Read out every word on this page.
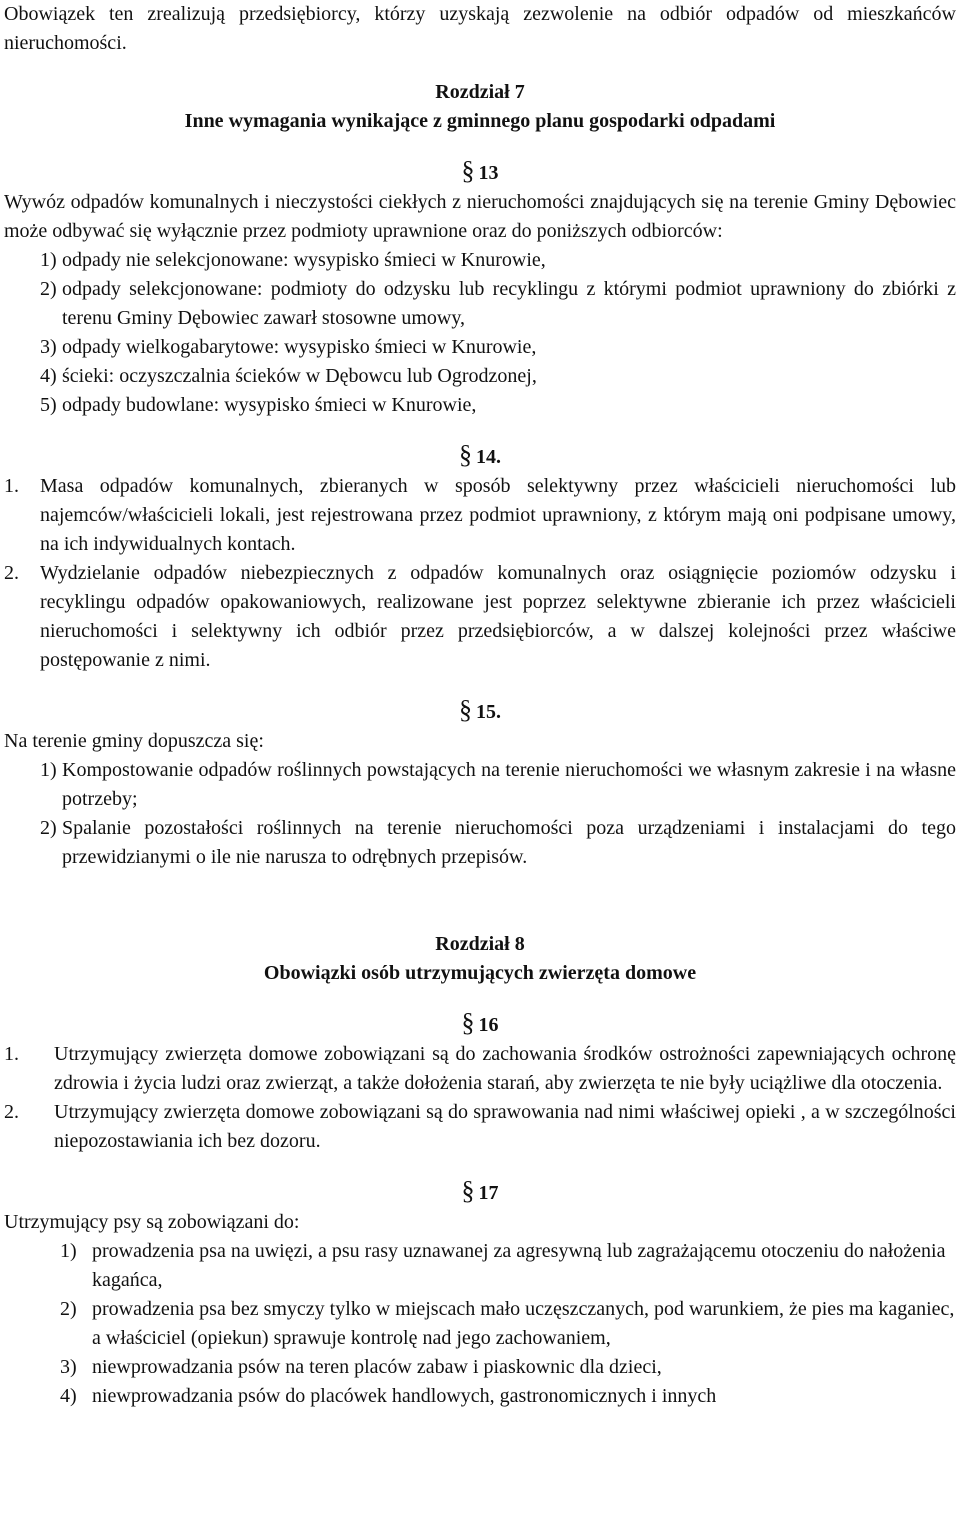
Obowiązek ten zrealizują przedsiębiorcy, którzy uzyskają zezwolenie na odbiór odpadów od mieszkańców nieruchomości.

Rozdział 7
Inne wymagania wynikające z gminnego planu gospodarki odpadami
§ 13

Wywóz odpadów komunalnych i nieczystości ciekłych z nieruchomości znajdujących się na terenie Gminy Dębowiec może odbywać się wyłącznie przez podmioty uprawnione oraz do poniższych odbiorców:

1) odpady nie selekcjonowane: wysypisko śmieci w Knurowie,
2) odpady selekcjonowane: podmioty do odzysku lub recyklingu z którymi podmiot uprawniony do zbiórki z terenu Gminy Dębowiec zawarł stosowne umowy,
3) odpady wielkogabarytowe: wysypisko śmieci w Knurowie,
4) ścieki: oczyszczalnia ścieków w Dębowcu lub Ogrodzonej,
5) odpady budowlane: wysypisko śmieci w Knurowie,
§ 14.
1.	Masa odpadów komunalnych, zbieranych w sposób selektywny przez właścicieli nieruchomości lub najemców/właścicieli lokali, jest rejestrowana przez podmiot uprawniony, z którym mają oni podpisane umowy, na ich indywidualnych kontach.
2.	Wydzielanie odpadów niebezpiecznych z odpadów komunalnych oraz osiągnięcie poziomów odzysku i recyklingu odpadów opakowaniowych, realizowane jest poprzez selektywne zbieranie ich przez właścicieli nieruchomości i selektywny ich odbiór przez przedsiębiorców, a w dalszej kolejności przez właściwe postępowanie z nimi.
§ 15.

Na terenie gminy dopuszcza się:

1) Kompostowanie odpadów roślinnych powstających na terenie nieruchomości we własnym zakresie i na własne potrzeby;
2) Spalanie pozostałości roślinnych na terenie nieruchomości poza urządzeniami i instalacjami do tego przewidzianymi o ile nie narusza to odrębnych przepisów.
Rozdział 8
Obowiązki osób utrzymujących zwierzęta domowe
§ 16
1.	Utrzymujący zwierzęta domowe zobowiązani są do zachowania środków ostrożności zapewniających ochronę zdrowia i życia ludzi oraz zwierząt, a także dołożenia starań, aby zwierzęta te nie były uciążliwe dla otoczenia.
2.	Utrzymujący zwierzęta domowe zobowiązani są do sprawowania nad nimi właściwej opieki , a w szczególności niepozostawiania ich bez dozoru.
§ 17

Utrzymujący psy są zobowiązani do:

1) prowadzenia psa na uwięzi, a psu rasy uznawanej za agresywną lub zagrażającemu otoczeniu do nałożenia kagańca,
2) prowadzenia psa bez smyczy tylko w miejscach mało uczęszczanych, pod warunkiem, że pies ma kaganiec, a właściciel (opiekun) sprawuje kontrolę nad jego zachowaniem,
3) niewprowadzania psów na teren placów zabaw i piaskownic dla dzieci,
4) niewprowadzania psów do placówek handlowych, gastronomicznych i innych
